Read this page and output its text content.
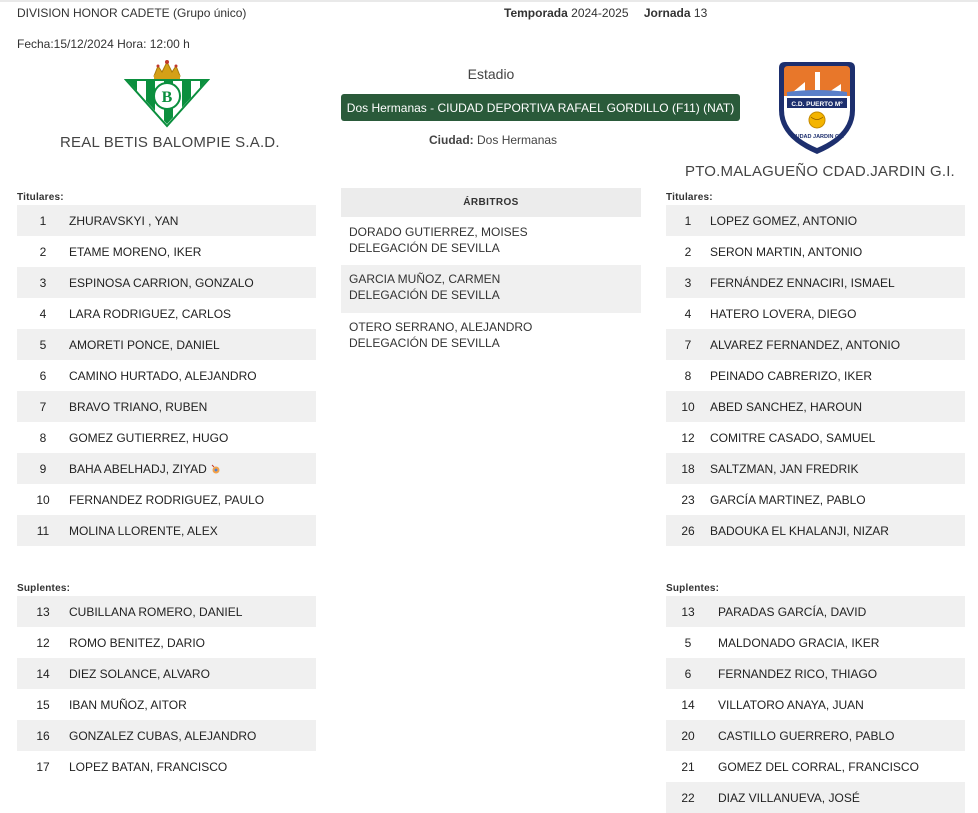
DIVISION HONOR CADETE (Grupo único)	Temporada 2024-2025 Jornada 13
Fecha:15/12/2024 Hora: 12:00 h
B
REAL BETIS BALOMPIE S.A.D.
Estadio
Dos Hermanas - CIUDAD DEPORTIVA RAFAEL GORDILLO (F11) (NAT)
Ciudad: Dos Hermanas
C.D. PUERTO Mº
CIUDAD JARDIN G.I.
PTO.MALAGUEÑO CDAD.JARDIN G.I.
Titulares:
1	ZHURAVSKYI , YAN
2	ETAME MORENO, IKER
3	ESPINOSA CARRION, GONZALO
4	LARA RODRIGUEZ, CARLOS
5	AMORETI PONCE, DANIEL
6	CAMINO HURTADO, ALEJANDRO
7	BRAVO TRIANO, RUBEN
8	GOMEZ GUTIERREZ, HUGO
9	BAHA ABELHADJ, ZIYAD
10	FERNANDEZ RODRIGUEZ, PAULO
11	MOLINA LLORENTE, ALEX
Suplentes:
13	CUBILLANA ROMERO, DANIEL
12	ROMO BENITEZ, DARIO
14	DIEZ SOLANCE, ALVARO
15	IBAN MUÑOZ, AITOR
16	GONZALEZ CUBAS, ALEJANDRO
17	LOPEZ BATAN, FRANCISCO
ÁRBITROS
DORADO GUTIERREZ, MOISES
DELEGACIÓN DE SEVILLA
GARCIA MUÑOZ, CARMEN
DELEGACIÓN DE SEVILLA
OTERO SERRANO, ALEJANDRO
DELEGACIÓN DE SEVILLA
Titulares:
1	LOPEZ GOMEZ, ANTONIO
2	SERON MARTIN, ANTONIO
3	FERNÁNDEZ ENNACIRI, ISMAEL
4	HATERO LOVERA, DIEGO
7	ALVAREZ FERNANDEZ, ANTONIO
8	PEINADO CABRERIZO, IKER
10	ABED SANCHEZ, HAROUN
12	COMITRE CASADO, SAMUEL
18	SALTZMAN, JAN FREDRIK
23	GARCÍA MARTINEZ, PABLO
26	BADOUKA EL KHALANJI, NIZAR
Suplentes:
13	PARADAS GARCÍA, DAVID
5	MALDONADO GRACIA, IKER
6	FERNANDEZ RICO, THIAGO
14	VILLATORO ANAYA, JUAN
20	CASTILLO GUERRERO, PABLO
21	GOMEZ DEL CORRAL, FRANCISCO
22	DIAZ VILLANUEVA, JOSÉ
